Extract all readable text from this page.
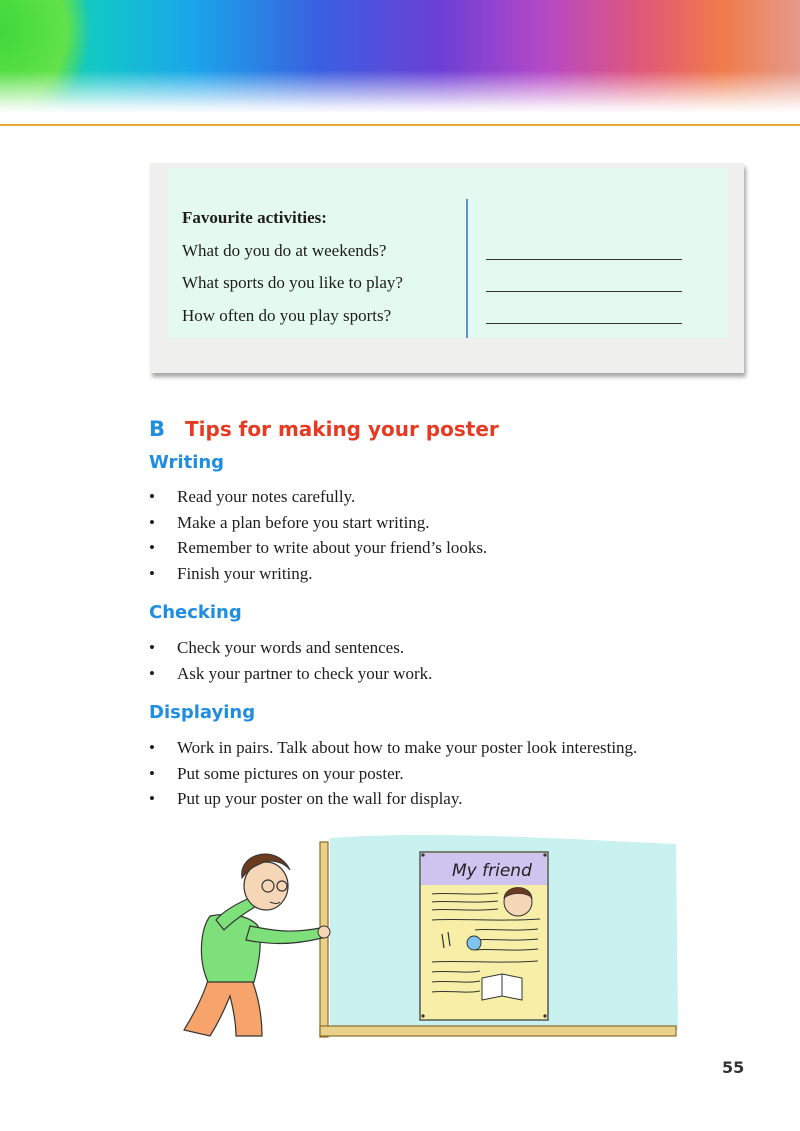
Favourite activities:
What do you do at weekends?
What sports do you like to play?
How often do you play sports?
B Tips for making your poster
Writing
• Read your notes carefully.
• Make a plan before you start writing.
• Remember to write about your friend’s looks.
• Finish your writing.
Checking
• Check your words and sentences.
• Ask your partner to check your work.
Displaying
• Work in pairs. Talk about how to make your poster look interesting.
• Put some pictures on your poster.
• Put up your poster on the wall for display.
My friend
55
